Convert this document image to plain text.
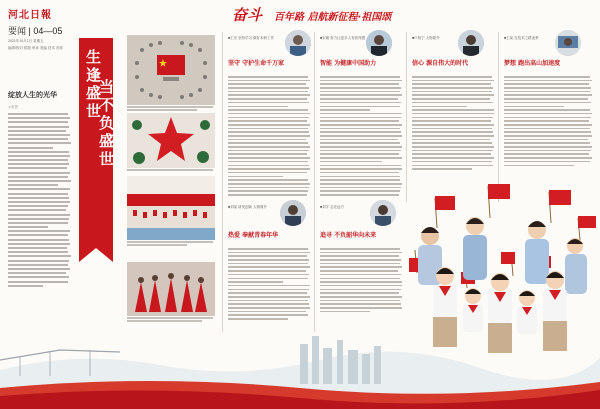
河北日報
要闻 | 04—05
2021年10月1日 星期五
编辑/校对 排版 审读 美编 技术 首席
奋斗 百年路 启航新征程·祖国颂
绽放人生的光华
◎周倩
生
逢
盛
世
当
不
负
盛
世
■王乐 坚持学习 做好本职工作
坚守 守护生命千万家
■宋朝 努力让更多人有获得感
智能 为健康中国助力
■卢扬宁 人物简介
信心 源自伟大的时代
■王某 在技术之路追梦
梦想 跑出高山加速度
■刘某 研发创新 人物简介
热爱 奉献青春年华
■刘宇 志在远方
追寻 不负韶华向未来
